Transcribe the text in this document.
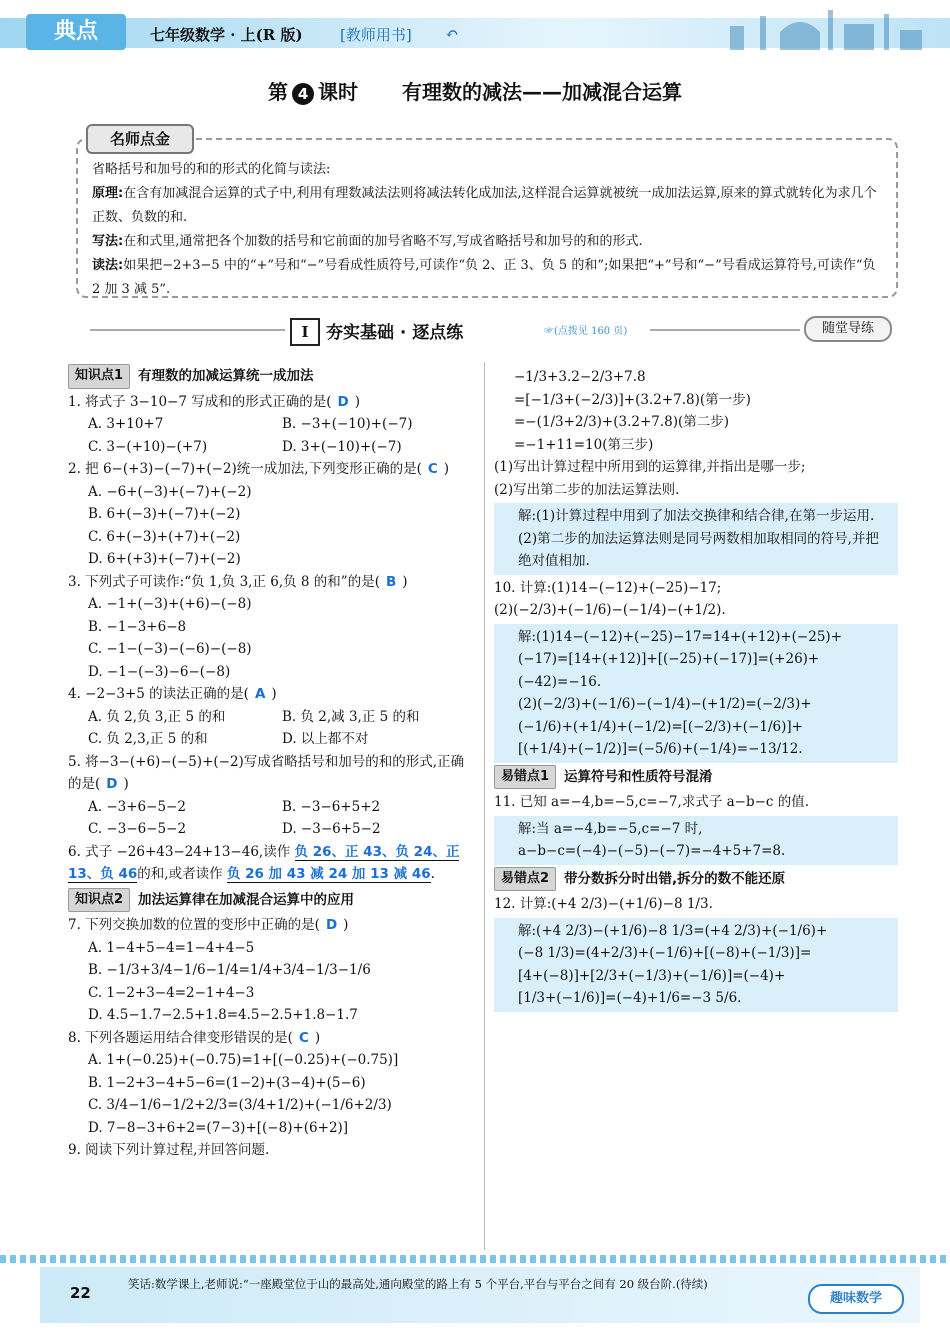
典点	七年级数学 · 上(R 版) [教师用书] ↶
第 4 课时 有理数的减法——加减混合运算
名师点金
省略括号和加号的和的形式的化简与读法:
原理:在含有加减混合运算的式子中,利用有理数减法法则将减法转化成加法,这样混合运算就被统一成加法运算,原来的算式就转化为求几个正数、负数的和.
写法:在和式里,通常把各个加数的括号和它前面的加号省略不写,写成省略括号和加号的和的形式.
读法:如果把−2+3−5 中的“+”号和“−”号看成性质符号,可读作“负 2、正 3、负 5 的和”;如果把“+”号和“−”号看成运算符号,可读作“负 2 加 3 减 5”.
I	夯实基础 · 逐点练	☞(点拨见 160 页)	随堂导练
知识点1	有理数的加减运算统一成加法

1. 将式子 3−10−7 写成和的形式正确的是( D )

A. 3+10+7	B. −3+(−10)+(−7)
C. 3−(+10)−(+7)	D. 3+(−10)+(−7)

2. 把 6−(+3)−(−7)+(−2)统一成加法,下列变形正确的是( C )

A. −6+(−3)+(−7)+(−2)

B. 6+(−3)+(−7)+(−2)

C. 6+(−3)+(+7)+(−2)

D. 6+(+3)+(−7)+(−2)

3. 下列式子可读作:“负 1,负 3,正 6,负 8 的和”的是( B )

A. −1+(−3)+(+6)−(−8)

B. −1−3+6−8

C. −1−(−3)−(−6)−(−8)

D. −1−(−3)−6−(−8)

4. −2−3+5 的读法正确的是( A )

A. 负 2,负 3,正 5 的和	B. 负 2,减 3,正 5 的和
C. 负 2,3,正 5 的和	D. 以上都不对

5. 将−3−(+6)−(−5)+(−2)写成省略括号和加号的和的形式,正确的是( D )

A. −3+6−5−2	B. −3−6+5+2
C. −3−6−5−2	D. −3−6+5−2

6. 式子 −26+43−24+13−46,读作 负 26、正 43、负 24、正 13、负 46的和,或者读作 负 26 加 43 减 24 加 13 减 46.

知识点2	加法运算律在加减混合运算中的应用

7. 下列交换加数的位置的变形中正确的是( D )

A. 1−4+5−4=1−4+4−5

B. −1/3+3/4−1/6−1/4=1/4+3/4−1/3−1/6

C. 1−2+3−4=2−1+4−3

D. 4.5−1.7−2.5+1.8=4.5−2.5+1.8−1.7

8. 下列各题运用结合律变形错误的是( C )

A. 1+(−0.25)+(−0.75)=1+[(−0.25)+(−0.75)]

B. 1−2+3−4+5−6=(1−2)+(3−4)+(5−6)

C. 3/4−1/6−1/2+2/3=(3/4+1/2)+(−1/6+2/3)

D. 7−8−3+6+2=(7−3)+[(−8)+(6+2)]

9. 阅读下列计算过程,并回答问题.

−1/3+3.2−2/3+7.8

=[−1/3+(−2/3)]+(3.2+7.8)(第一步)

=−(1/3+2/3)+(3.2+7.8)(第二步)

=−1+11=10(第三步)

(1)写出计算过程中所用到的运算律,并指出是哪一步;

(2)写出第二步的加法运算法则.

解:(1)计算过程中用到了加法交换律和结合律,在第一步运用.

(2)第二步的加法运算法则是同号两数相加取相同的符号,并把绝对值相加.

10. 计算:(1)14−(−12)+(−25)−17;

(2)(−2/3)+(−1/6)−(−1/4)−(+1/2).

解:(1)14−(−12)+(−25)−17=14+(+12)+(−25)+(−17)=[14+(+12)]+[(−25)+(−17)]=(+26)+(−42)=−16.

(2)(−2/3)+(−1/6)−(−1/4)−(+1/2)=(−2/3)+

(−1/6)+(+1/4)+(−1/2)=[(−2/3)+(−1/6)]+

[(+1/4)+(−1/2)]=(−5/6)+(−1/4)=−13/12.

易错点1	运算符号和性质符号混淆

11. 已知 a=−4,b=−5,c=−7,求式子 a−b−c 的值.

解:当 a=−4,b=−5,c=−7 时,

a−b−c=(−4)−(−5)−(−7)=−4+5+7=8.

易错点2	带分数拆分时出错,拆分的数不能还原

12. 计算:(+4 2/3)−(+1/6)−8 1/3.

解:(+4 2/3)−(+1/6)−8 1/3=(+4 2/3)+(−1/6)+

(−8 1/3)=(4+2/3)+(−1/6)+[(−8)+(−1/3)]=

[4+(−8)]+[2/3+(−1/3)+(−1/6)]=(−4)+

[1/3+(−1/6)]=(−4)+1/6=−3 5/6.

22	笑话:数学课上,老师说:“一座殿堂位于山的最高处,通向殿堂的路上有 5 个平台,平台与平台之间有 20 级台阶.(待续)
趣味数学
